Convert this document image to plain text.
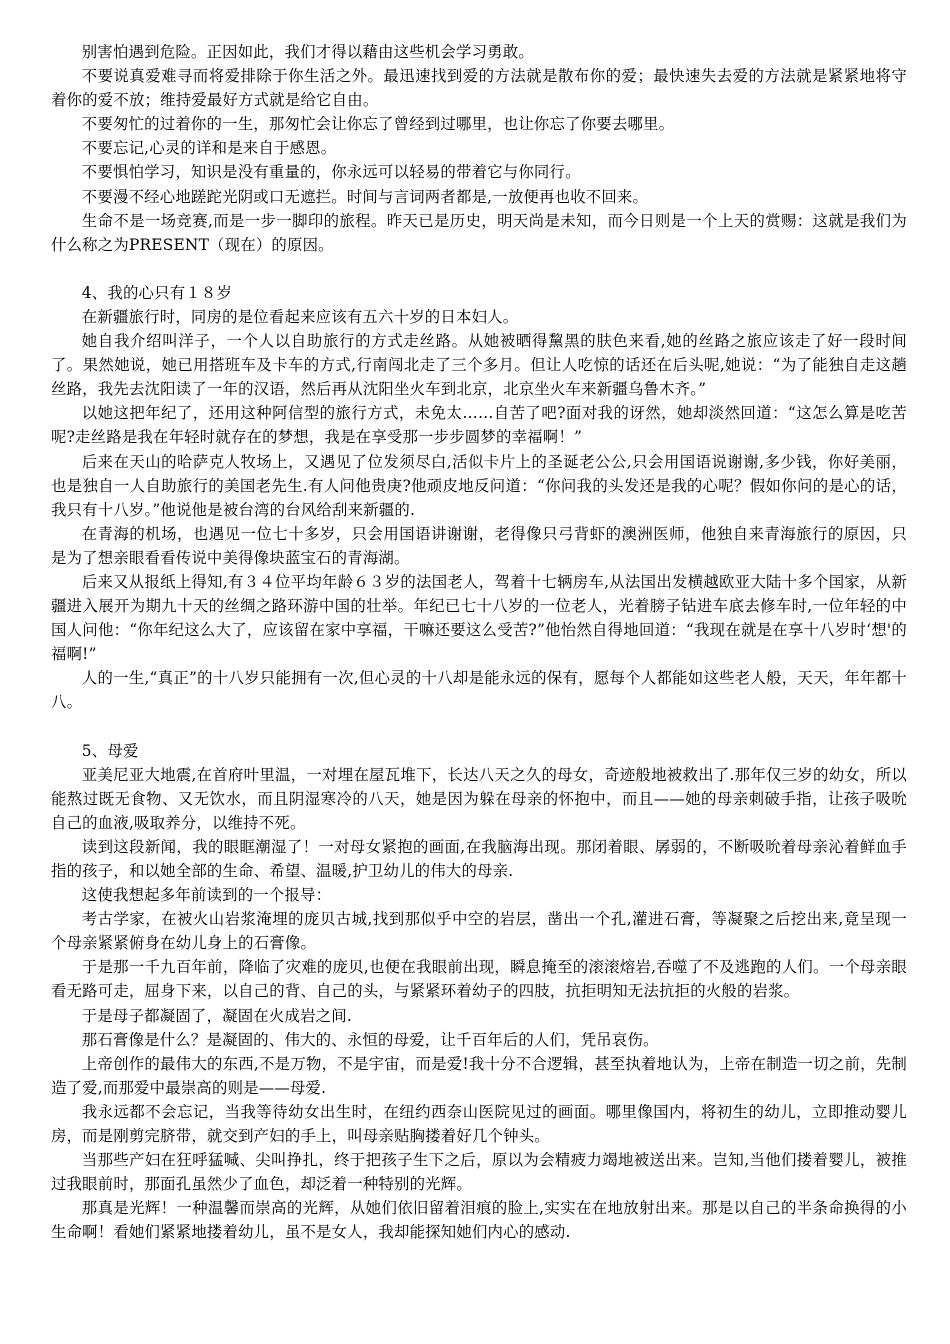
别害怕遇到危险。正因如此，我们才得以藉由这些机会学习勇敢。

不要说真爱难寻而将爱排除于你生活之外。最迅速找到爱的方法就是散布你的爱；最快速失去爱的方法就是紧紧地将守着你的爱不放；维持爱最好方式就是给它自由。

不要匆忙的过着你的一生，那匆忙会让你忘了曾经到过哪里，也让你忘了你要去哪里。

不要忘记,心灵的详和是来自于感恩。

不要惧怕学习，知识是没有重量的，你永远可以轻易的带着它与你同行。

不要漫不经心地蹉跎光阴或口无遮拦。时间与言词两者都是,一放便再也收不回来。

生命不是一场竞赛,而是一步一脚印的旅程。昨天已是历史，明天尚是未知，而今日则是一个上天的赏赐：这就是我们为什么称之为PRESENT（现在）的原因。

4、我的心只有１８岁

在新疆旅行时，同房的是位看起来应该有五六十岁的日本妇人。

她自我介绍叫洋子，一个人以自助旅行的方式走丝路。从她被晒得黧黑的肤色来看,她的丝路之旅应该走了好一段时间了。果然她说，她已用搭班车及卡车的方式,行南闯北走了三个多月。但让人吃惊的话还在后头呢,她说：“为了能独自走这趟丝路，我先去沈阳读了一年的汉语，然后再从沈阳坐火车到北京，北京坐火车来新疆乌鲁木齐。”

以她这把年纪了，还用这种阿信型的旅行方式，未免太……自苦了吧?面对我的讶然，她却淡然回道：“这怎么算是吃苦呢?走丝路是我在年轻时就存在的梦想，我是在享受那一步步圆梦的幸福啊！”

后来在天山的哈萨克人牧场上，又遇见了位发须尽白,活似卡片上的圣诞老公公,只会用国语说谢谢,多少钱，你好美丽，也是独自一人自助旅行的美国老先生.有人问他贵庚?他顽皮地反问道：“你问我的头发还是我的心呢？假如你问的是心的话，我只有十八岁。”他说他是被台湾的台风给刮来新疆的.

在青海的机场，也遇见一位七十多岁，只会用国语讲谢谢，老得像只弓背虾的澳洲医师，他独自来青海旅行的原因，只是为了想亲眼看看传说中美得像块蓝宝石的青海湖。

后来又从报纸上得知,有３４位平均年龄６３岁的法国老人，驾着十七辆房车,从法国出发横越欧亚大陆十多个国家，从新疆进入展开为期九十天的丝绸之路环游中国的壮举。年纪已七十八岁的一位老人，光着膀子钻进车底去修车时,一位年轻的中国人问他：“你年纪这么大了，应该留在家中享福，干嘛还要这么受苦?”他怡然自得地回道：“我现在就是在享十八岁时‘想'的福啊!”

人的一生,“真正”的十八岁只能拥有一次,但心灵的十八却是能永远的保有，愿每个人都能如这些老人般，天天，年年都十八。

5、母爱

亚美尼亚大地震,在首府叶里温，一对埋在屋瓦堆下，长达八天之久的母女，奇迹般地被救出了.那年仅三岁的幼女，所以能熬过既无食物、又无饮水，而且阴湿寒冷的八天，她是因为躲在母亲的怀抱中，而且——她的母亲刺破手指，让孩子吸吮自己的血液,吸取养分，以维持不死。

读到这段新闻，我的眼眶潮湿了！一对母女紧抱的画面,在我脑海出现。那闭着眼、孱弱的，不断吸吮着母亲沁着鲜血手指的孩子，和以她全部的生命、希望、温暖,护卫幼儿的伟大的母亲.

这使我想起多年前读到的一个报导：

考古学家，在被火山岩浆淹埋的庞贝古城,找到那似乎中空的岩层，凿出一个孔,灌进石膏，等凝聚之后挖出来,竟呈现一个母亲紧紧俯身在幼儿身上的石膏像。

于是那一千九百年前，降临了灾难的庞贝,也便在我眼前出现，瞬息掩至的滚滚熔岩,吞噬了不及逃跑的人们。一个母亲眼看无路可走，屈身下来，以自己的背、自己的头，与紧紧环着幼子的四肢，抗拒明知无法抗拒的火般的岩浆。

于是母子都凝固了，凝固在火成岩之间.

那石膏像是什么？是凝固的、伟大的、永恒的母爱，让千百年后的人们，凭吊哀伤。

上帝创作的最伟大的东西,不是万物，不是宇宙，而是爱!我十分不合逻辑，甚至执着地认为，上帝在制造一切之前，先制造了爱,而那爱中最崇高的则是——母爱.

我永远都不会忘记，当我等待幼女出生时，在纽约西奈山医院见过的画面。哪里像国内，将初生的幼儿，立即推动婴儿房，而是刚剪完脐带，就交到产妇的手上，叫母亲贴胸搂着好几个钟头。

当那些产妇在狂呼猛喊、尖叫挣扎，终于把孩子生下之后，原以为会精疲力竭地被送出来。岂知,当他们搂着婴儿，被推过我眼前时，那面孔虽然少了血色，却泛着一种特别的光辉。

那真是光辉！一种温馨而崇高的光辉，从她们依旧留着泪痕的脸上,实实在在地放射出来。那是以自己的半条命换得的小生命啊！看她们紧紧地搂着幼儿，虽不是女人，我却能探知她们内心的感动.
